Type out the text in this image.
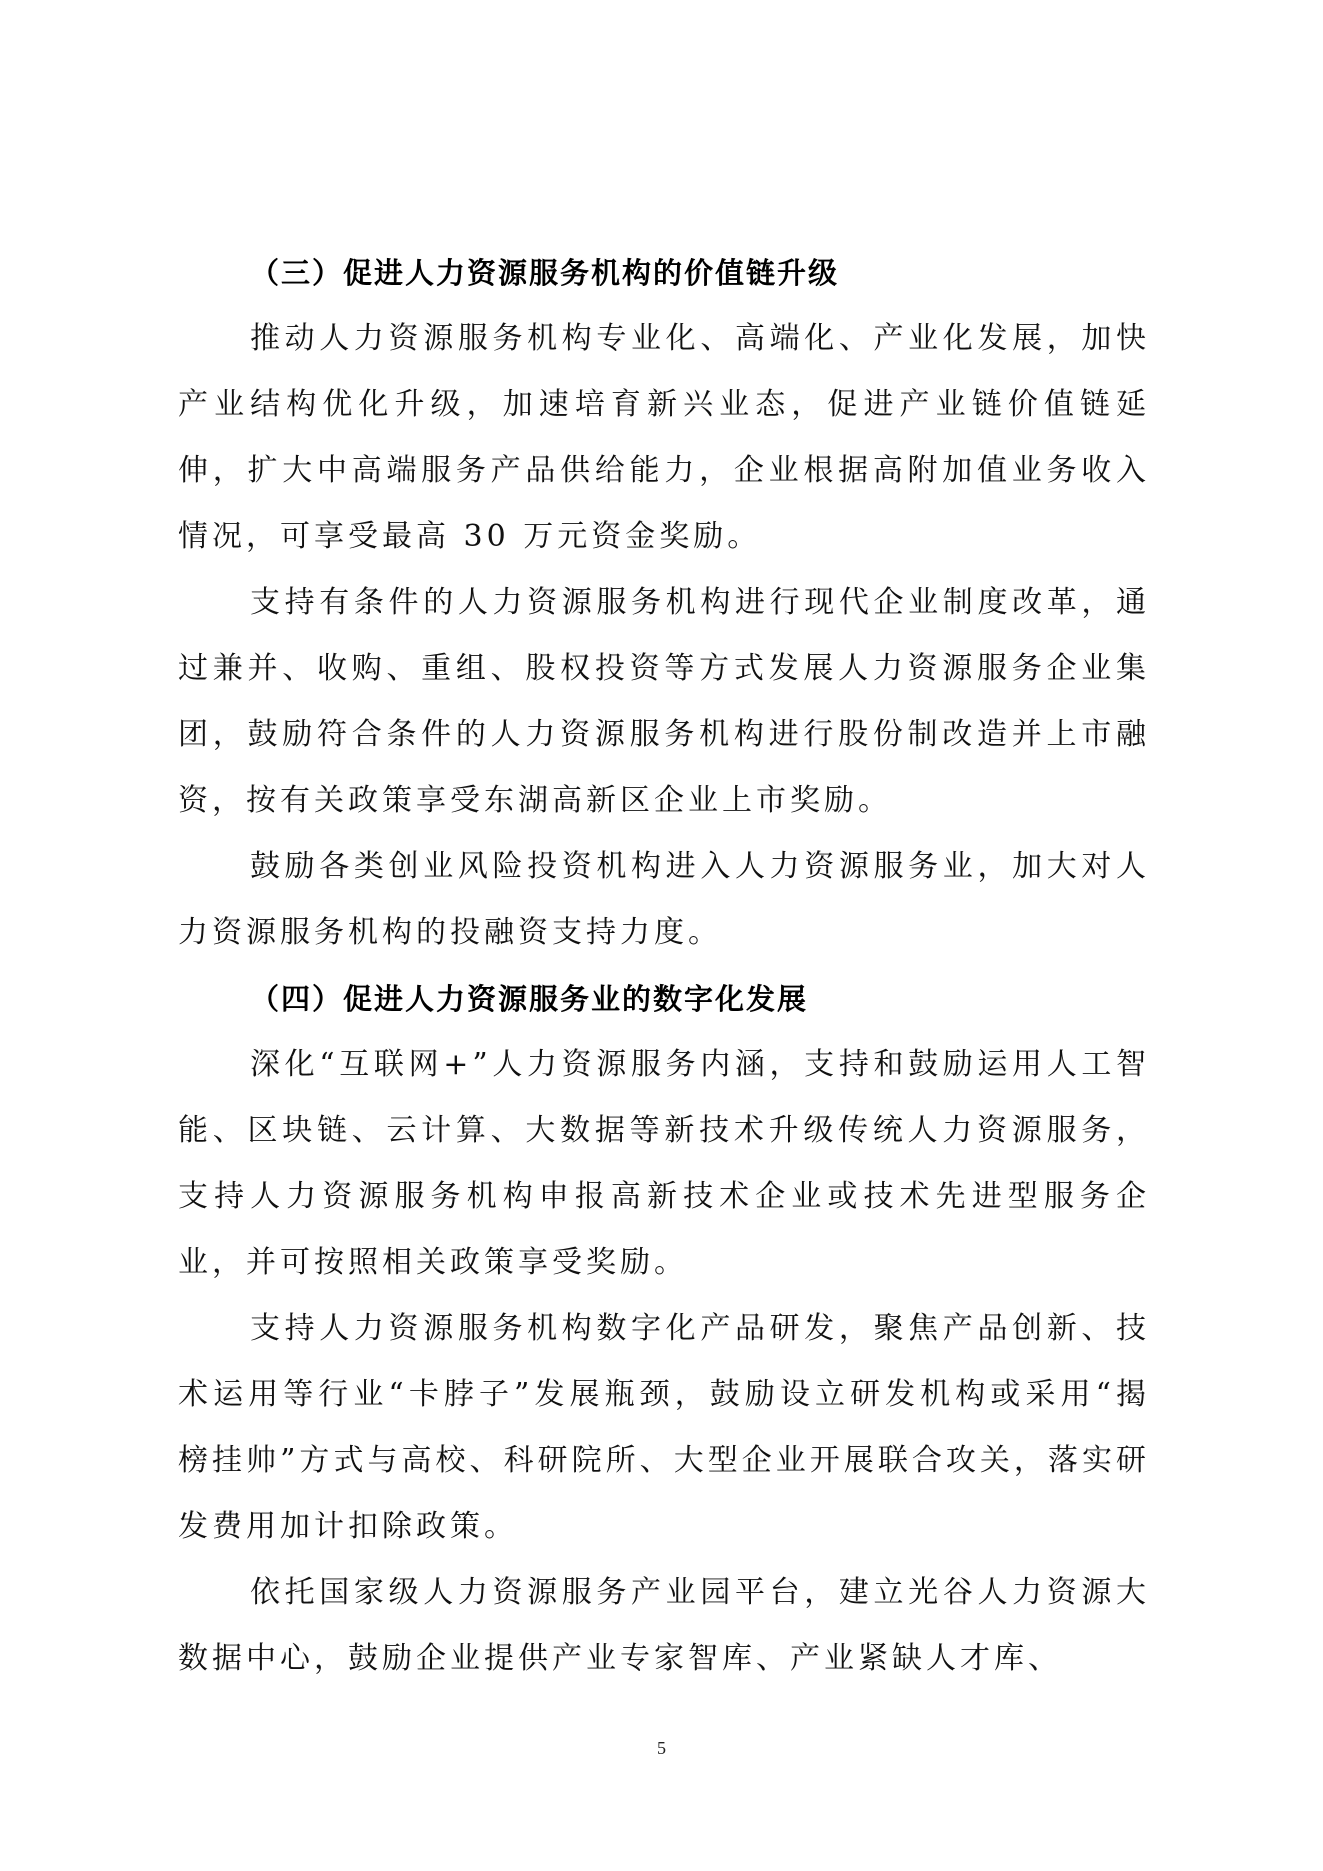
（三）促进人力资源服务机构的价值链升级

推动人力资源服务机构专业化、高端化、产业化发展，加快产业结构优化升级，加速培育新兴业态，促进产业链价值链延伸，扩大中高端服务产品供给能力，企业根据高附加值业务收入情况，可享受最高 30 万元资金奖励。

支持有条件的人力资源服务机构进行现代企业制度改革，通过兼并、收购、重组、股权投资等方式发展人力资源服务企业集团，鼓励符合条件的人力资源服务机构进行股份制改造并上市融资，按有关政策享受东湖高新区企业上市奖励。

鼓励各类创业风险投资机构进入人力资源服务业，加大对人力资源服务机构的投融资支持力度。

（四）促进人力资源服务业的数字化发展

深化“互联网+”人力资源服务内涵，支持和鼓励运用人工智能、区块链、云计算、大数据等新技术升级传统人力资源服务，支持人力资源服务机构申报高新技术企业或技术先进型服务企业，并可按照相关政策享受奖励。

支持人力资源服务机构数字化产品研发，聚焦产品创新、技术运用等行业“卡脖子”发展瓶颈，鼓励设立研发机构或采用“揭榜挂帅”方式与高校、科研院所、大型企业开展联合攻关，落实研发费用加计扣除政策。

依托国家级人力资源服务产业园平台，建立光谷人力资源大数据中心，鼓励企业提供产业专家智库、产业紧缺人才库、

5
